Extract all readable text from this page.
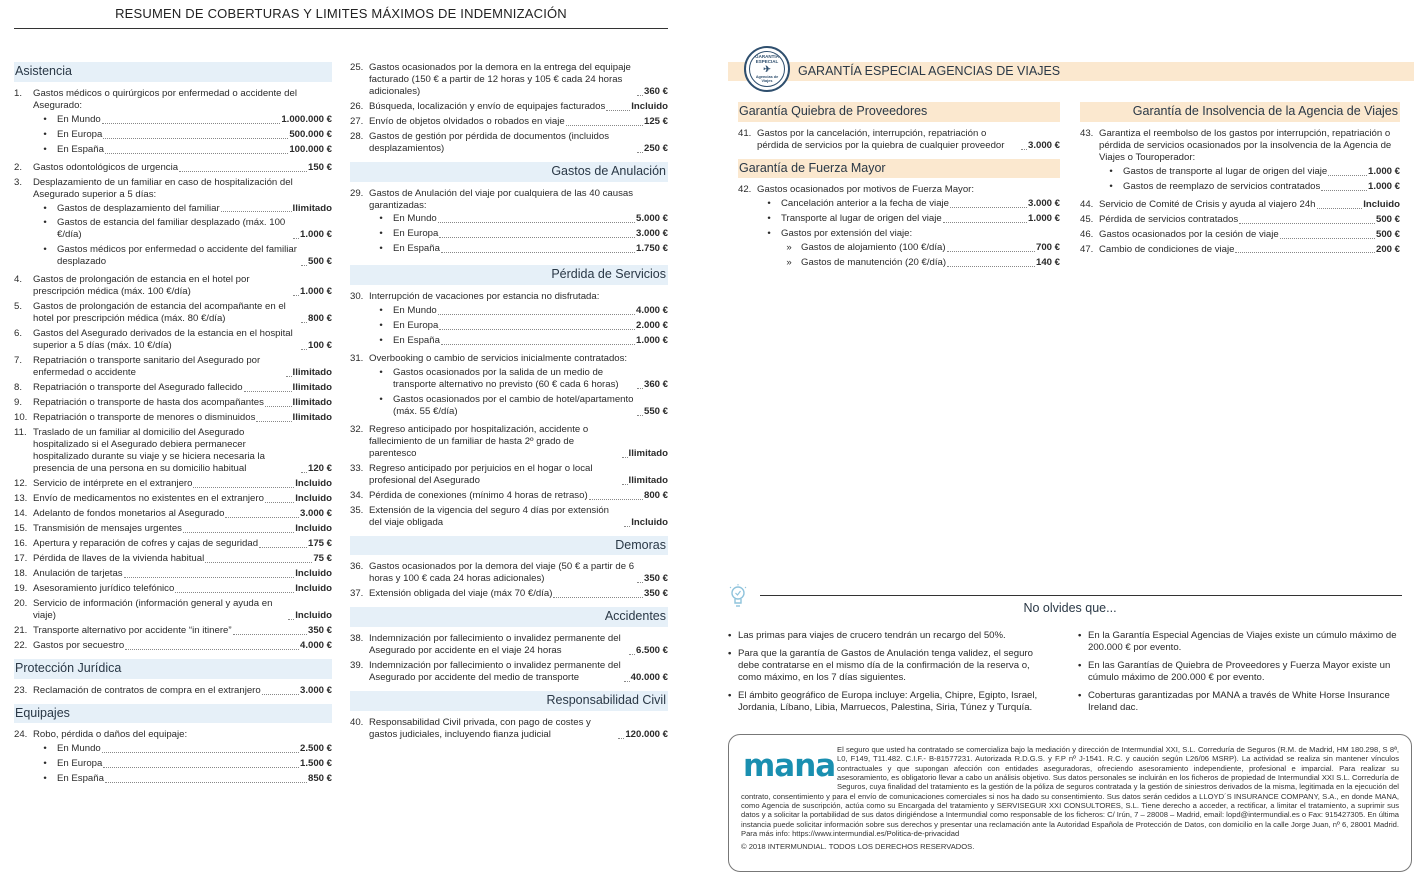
RESUMEN DE COBERTURAS Y LIMITES MÁXIMOS DE INDEMNIZACIÓN
Asistencia
1.	Gastos médicos o quirúrgicos por enfermedad o accidente del Asegurado:
•	En Mundo	1.000.000 €
•	En Europa	500.000 €
•	En España	100.000 €
2.	Gastos odontológicos de urgencia	150 €
3.	Desplazamiento de un familiar en caso de hospitalización del Asegurado superior a 5 días:
•	Gastos de desplazamiento del familiar	Ilimitado
•	Gastos de estancia del familiar desplazado (máx. 100 €/día)	1.000 €
•	Gastos médicos por enfermedad o accidente del familiar desplazado	500 €
4.	Gastos de prolongación de estancia en el hotel por prescripción médica (máx. 100 €/día)	1.000 €
5.	Gastos de prolongación de estancia del acompañante en el hotel por prescripción médica (máx. 80 €/día)	800 €
6.	Gastos del Asegurado derivados de la estancia en el hospital superior a 5 días (máx. 10 €/día)	100 €
7.	Repatriación o transporte sanitario del Asegurado por enfermedad o accidente	Ilimitado
8.	Repatriación o transporte del Asegurado fallecido	Ilimitado
9.	Repatriación o transporte de hasta dos acompañantes	Ilimitado
10. Repatriación o transporte de menores o disminuidos	Ilimitado
11. Traslado de un familiar al domicilio del Asegurado hospitalizado si el Asegurado debiera permanecer hospitalizado durante su viaje y se hiciera necesaria la presencia de una persona en su domicilio habitual	120 €
12. Servicio de intérprete en el extranjero	Incluido
13. Envío de medicamentos no existentes en el extranjero	Incluido
14. Adelanto de fondos monetarios al Asegurado	3.000 €
15. Transmisión de mensajes urgentes	Incluido
16. Apertura y reparación de cofres y cajas de seguridad	175 €
17. Pérdida de llaves de la vivienda habitual	75 €
18. Anulación de tarjetas	Incluido
19. Asesoramiento jurídico telefónico	Incluido
20. Servicio de información (información general y ayuda en viaje)	Incluido
21. Transporte alternativo por accidente “in itinere”	350 €
22. Gastos por secuestro	4.000 €
Protección Jurídica
23. Reclamación de contratos de compra en el extranjero	3.000 €
Equipajes
24. Robo, pérdida o daños del equipaje:
•	En Mundo	2.500 €
•	En Europa	1.500 €
•	En España	850 €
25. Gastos ocasionados por la demora en la entrega del equipaje facturado (150 € a partir de 12 horas y 105 € cada 24 horas adicionales)	360 €
26. Búsqueda, localización y envío de equipajes facturados	Incluido
27. Envío de objetos olvidados o robados en viaje	125 €
28. Gastos de gestión por pérdida de documentos (incluidos desplazamientos)	250 €
Gastos de Anulación
29. Gastos de Anulación del viaje por cualquiera de las 40 causas garantizadas:
•	En Mundo	5.000 €
•	En Europa	3.000 €
•	En España	1.750 €
Pérdida de Servicios
30. Interrupción de vacaciones por estancia no disfrutada:
•	En Mundo	4.000 €
•	En Europa	2.000 €
•	En España	1.000 €
31. Overbooking o cambio de servicios inicialmente contratados:
•	Gastos ocasionados por la salida de un medio de transporte alternativo no previsto (60 € cada 6 horas)	360 €
•	Gastos ocasionados por el cambio de hotel/apartamento (máx. 55 €/día)	550 €
32. Regreso anticipado por hospitalización, accidente o fallecimiento de un familiar de hasta 2º grado de parentesco	Ilimitado
33. Regreso anticipado por perjuicios en el hogar o local profesional del Asegurado	Ilimitado
34. Pérdida de conexiones (mínimo 4 horas de retraso)	800 €
35. Extensión de la vigencia del seguro 4 días por extensión del viaje obligada	Incluido
Demoras
36. Gastos ocasionados por la demora del viaje (50 € a partir de 6 horas y 100 € cada 24 horas adicionales)	350 €
37. Extensión obligada del viaje (máx 70 €/día)	350 €
Accidentes
38. Indemnización por fallecimiento o invalidez permanente del Asegurado por accidente en el viaje 24 horas	6.500 €
39. Indemnización por fallecimiento o invalidez permanente del Asegurado por accidente del medio de transporte	40.000 €
Responsabilidad Civil
40. Responsabilidad Civil privada, con pago de costes y gastos judiciales, incluyendo fianza judicial	120.000 €
GARANTÍA ESPECIAL
✈
Agencias de Viajes
GARANTÍA ESPECIAL AGENCIAS DE VIAJES
Garantía Quiebra de Proveedores
41. Gastos por la cancelación, interrupción, repatriación o pérdida de servicios por la quiebra de cualquier proveedor	3.000 €
Garantía de Fuerza Mayor
42. Gastos ocasionados por motivos de Fuerza Mayor:
•	Cancelación anterior a la fecha de viaje	3.000 €
•	Transporte al lugar de origen del viaje	1.000 €
•	Gastos por extensión del viaje:
» Gastos de alojamiento (100 €/día)	700 €
» Gastos de manutención (20 €/día)	140 €
Garantía de Insolvencia de la Agencia de Viajes
43. Garantiza el reembolso de los gastos por interrupción, repatriación o pérdida de servicios ocasionados por la insolvencia de la Agencia de Viajes o Touroperador:
•	Gastos de transporte al lugar de origen del viaje	1.000 €
•	Gastos de reemplazo de servicios contratados	1.000 €
44. Servicio de Comité de Crisis y ayuda al viajero 24h	Incluido
45. Pérdida de servicios contratados	500 €
46. Gastos ocasionados por la cesión de viaje	500 €
47. Cambio de condiciones de viaje	200 €
No olvides que...
• Las primas para viajes de crucero tendrán un recargo del 50%.
• Para que la garantía de Gastos de Anulación tenga validez, el seguro debe contratarse en el mismo día de la confirmación de la reserva o, como máximo, en los 7 días siguientes.
• El ámbito geográfico de Europa incluye: Argelia, Chipre, Egipto, Israel, Jordania, Líbano, Libia, Marruecos, Palestina, Siria, Túnez y Turquía.
• En la Garantía Especial Agencias de Viajes existe un cúmulo máximo de 200.000 € por evento.
• En las Garantías de Quiebra de Proveedores y Fuerza Mayor existe un cúmulo máximo de 200.000 € por evento.
• Coberturas garantizadas por MANA a través de White Horse Insurance Ireland dac.
mana El seguro que usted ha contratado se comercializa bajo la mediación y dirección de Intermundial XXI, S.L. Correduría de Seguros (R.M. de Madrid, HM 180.298, S 8ª, L0, F149, T11.482. C.I.F.- B-81577231. Autorizada R.D.G.S. y F.P nº J-1541. R.C. y caución según L26/06 MSRP). La actividad se realiza sin mantener vínculos contractuales y que supongan afección con entidades aseguradoras, ofreciendo asesoramiento independiente, profesional e imparcial. Para realizar su asesoramiento, es obligatorio llevar a cabo un análisis objetivo. Sus datos personales se incluirán en los ficheros de propiedad de Intermundial XXI S.L. Correduría de Seguros, cuya finalidad del tratamiento es la gestión de la póliza de seguros contratada y la gestión de siniestros derivados de la misma, legitimada en la ejecución del contrato, consentimiento y para el envío de comunicaciones comerciales si nos ha dado su consentimiento. Sus datos serán cedidos a LLOYD´S INSURANCE COMPANY, S.A., en donde MANA, como Agencia de suscripción, actúa como su Encargada del tratamiento y SERVISEGUR XXI CONSULTORES, S.L. Tiene derecho a acceder, a rectificar, a limitar el tratamiento, a suprimir sus datos y a solicitar la portabilidad de sus datos dirigiéndose a Intermundial como responsable de los ficheros: C/ Irún, 7 – 28008 – Madrid, email: lopd@intermundial.es o Fax: 915427305. En última instancia puede solicitar información sobre sus derechos y presentar una reclamación ante la Autoridad Española de Protección de Datos, con domicilio en la calle Jorge Juan, nº 6, 28001 Madrid. Para más info: https://www.intermundial.es/Politica-de-privacidad

© 2018 INTERMUNDIAL. TODOS LOS DERECHOS RESERVADOS.
